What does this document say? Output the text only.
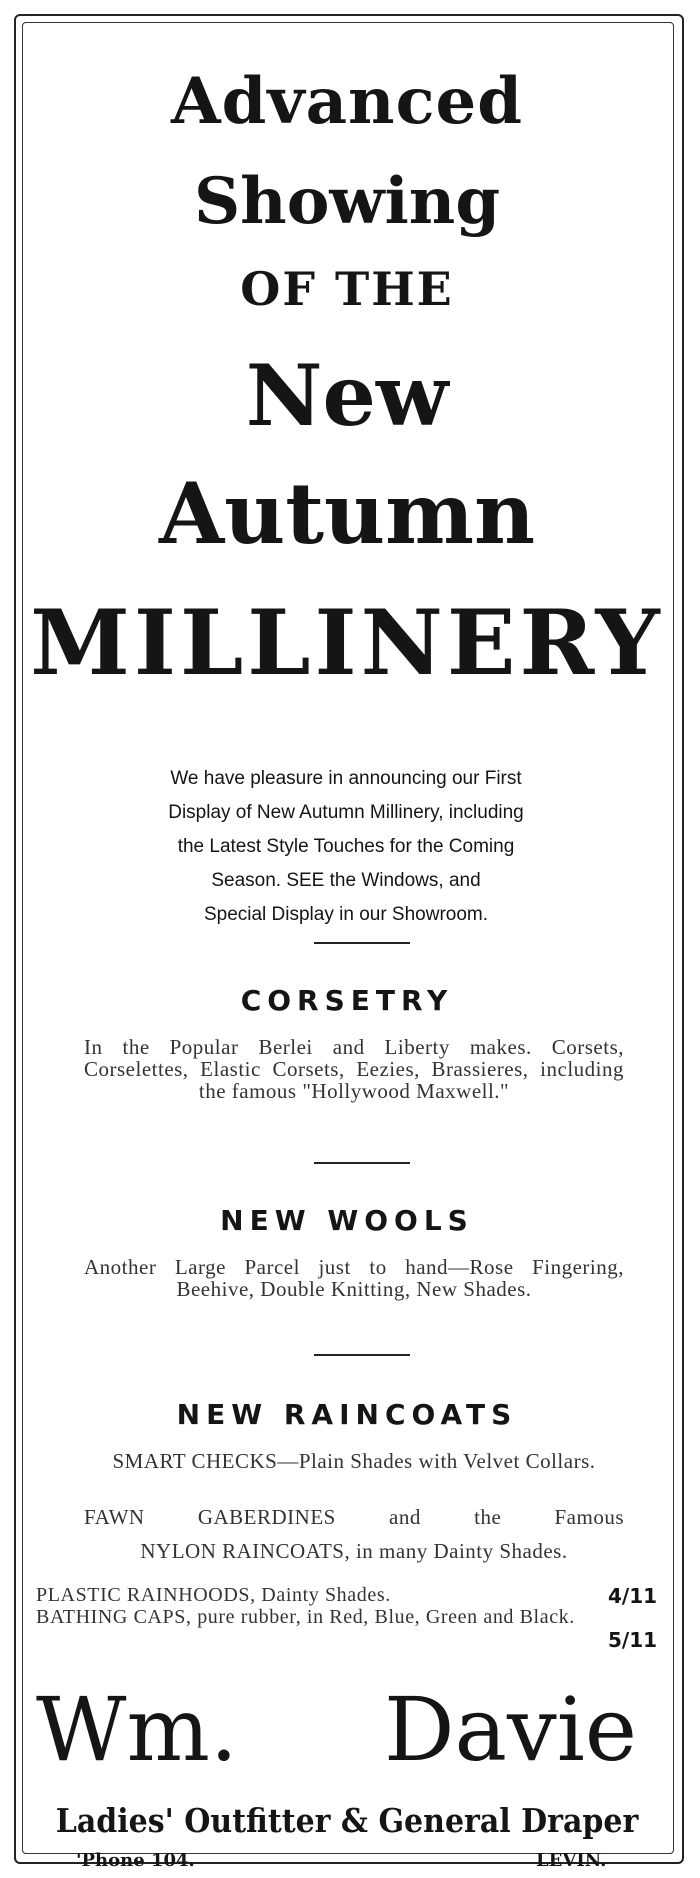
Advanced
Showing
OF THE
New
Autumn
MILLINERY
We have pleasure in announcing our First
Display of New Autumn Millinery, including
the Latest Style Touches for the Coming
Season. SEE the Windows, and
Special Display in our Showroom.
CORSETRY
In the Popular Berlei and Liberty makes. Corsets, Corselettes, Elastic Corsets, Eezies, Brassieres, including the famous "Hollywood Maxwell."
NEW WOOLS
Another Large Parcel just to hand—Rose Fingering, Beehive, Double Knitting, New Shades.
NEW RAINCOATS
SMART CHECKS—Plain Shades with Velvet Collars.
FAWN GABERDINES and the Famous
NYLON RAINCOATS, in many Dainty Shades.
PLASTIC RAINHOODS, Dainty Shades.	4/11
BATHING CAPS, pure rubber, in Red, Blue, Green and Black.
5/11
Wm. Davie
Ladies' Outfitter & General Draper
'Phone 104.	LEVIN.
